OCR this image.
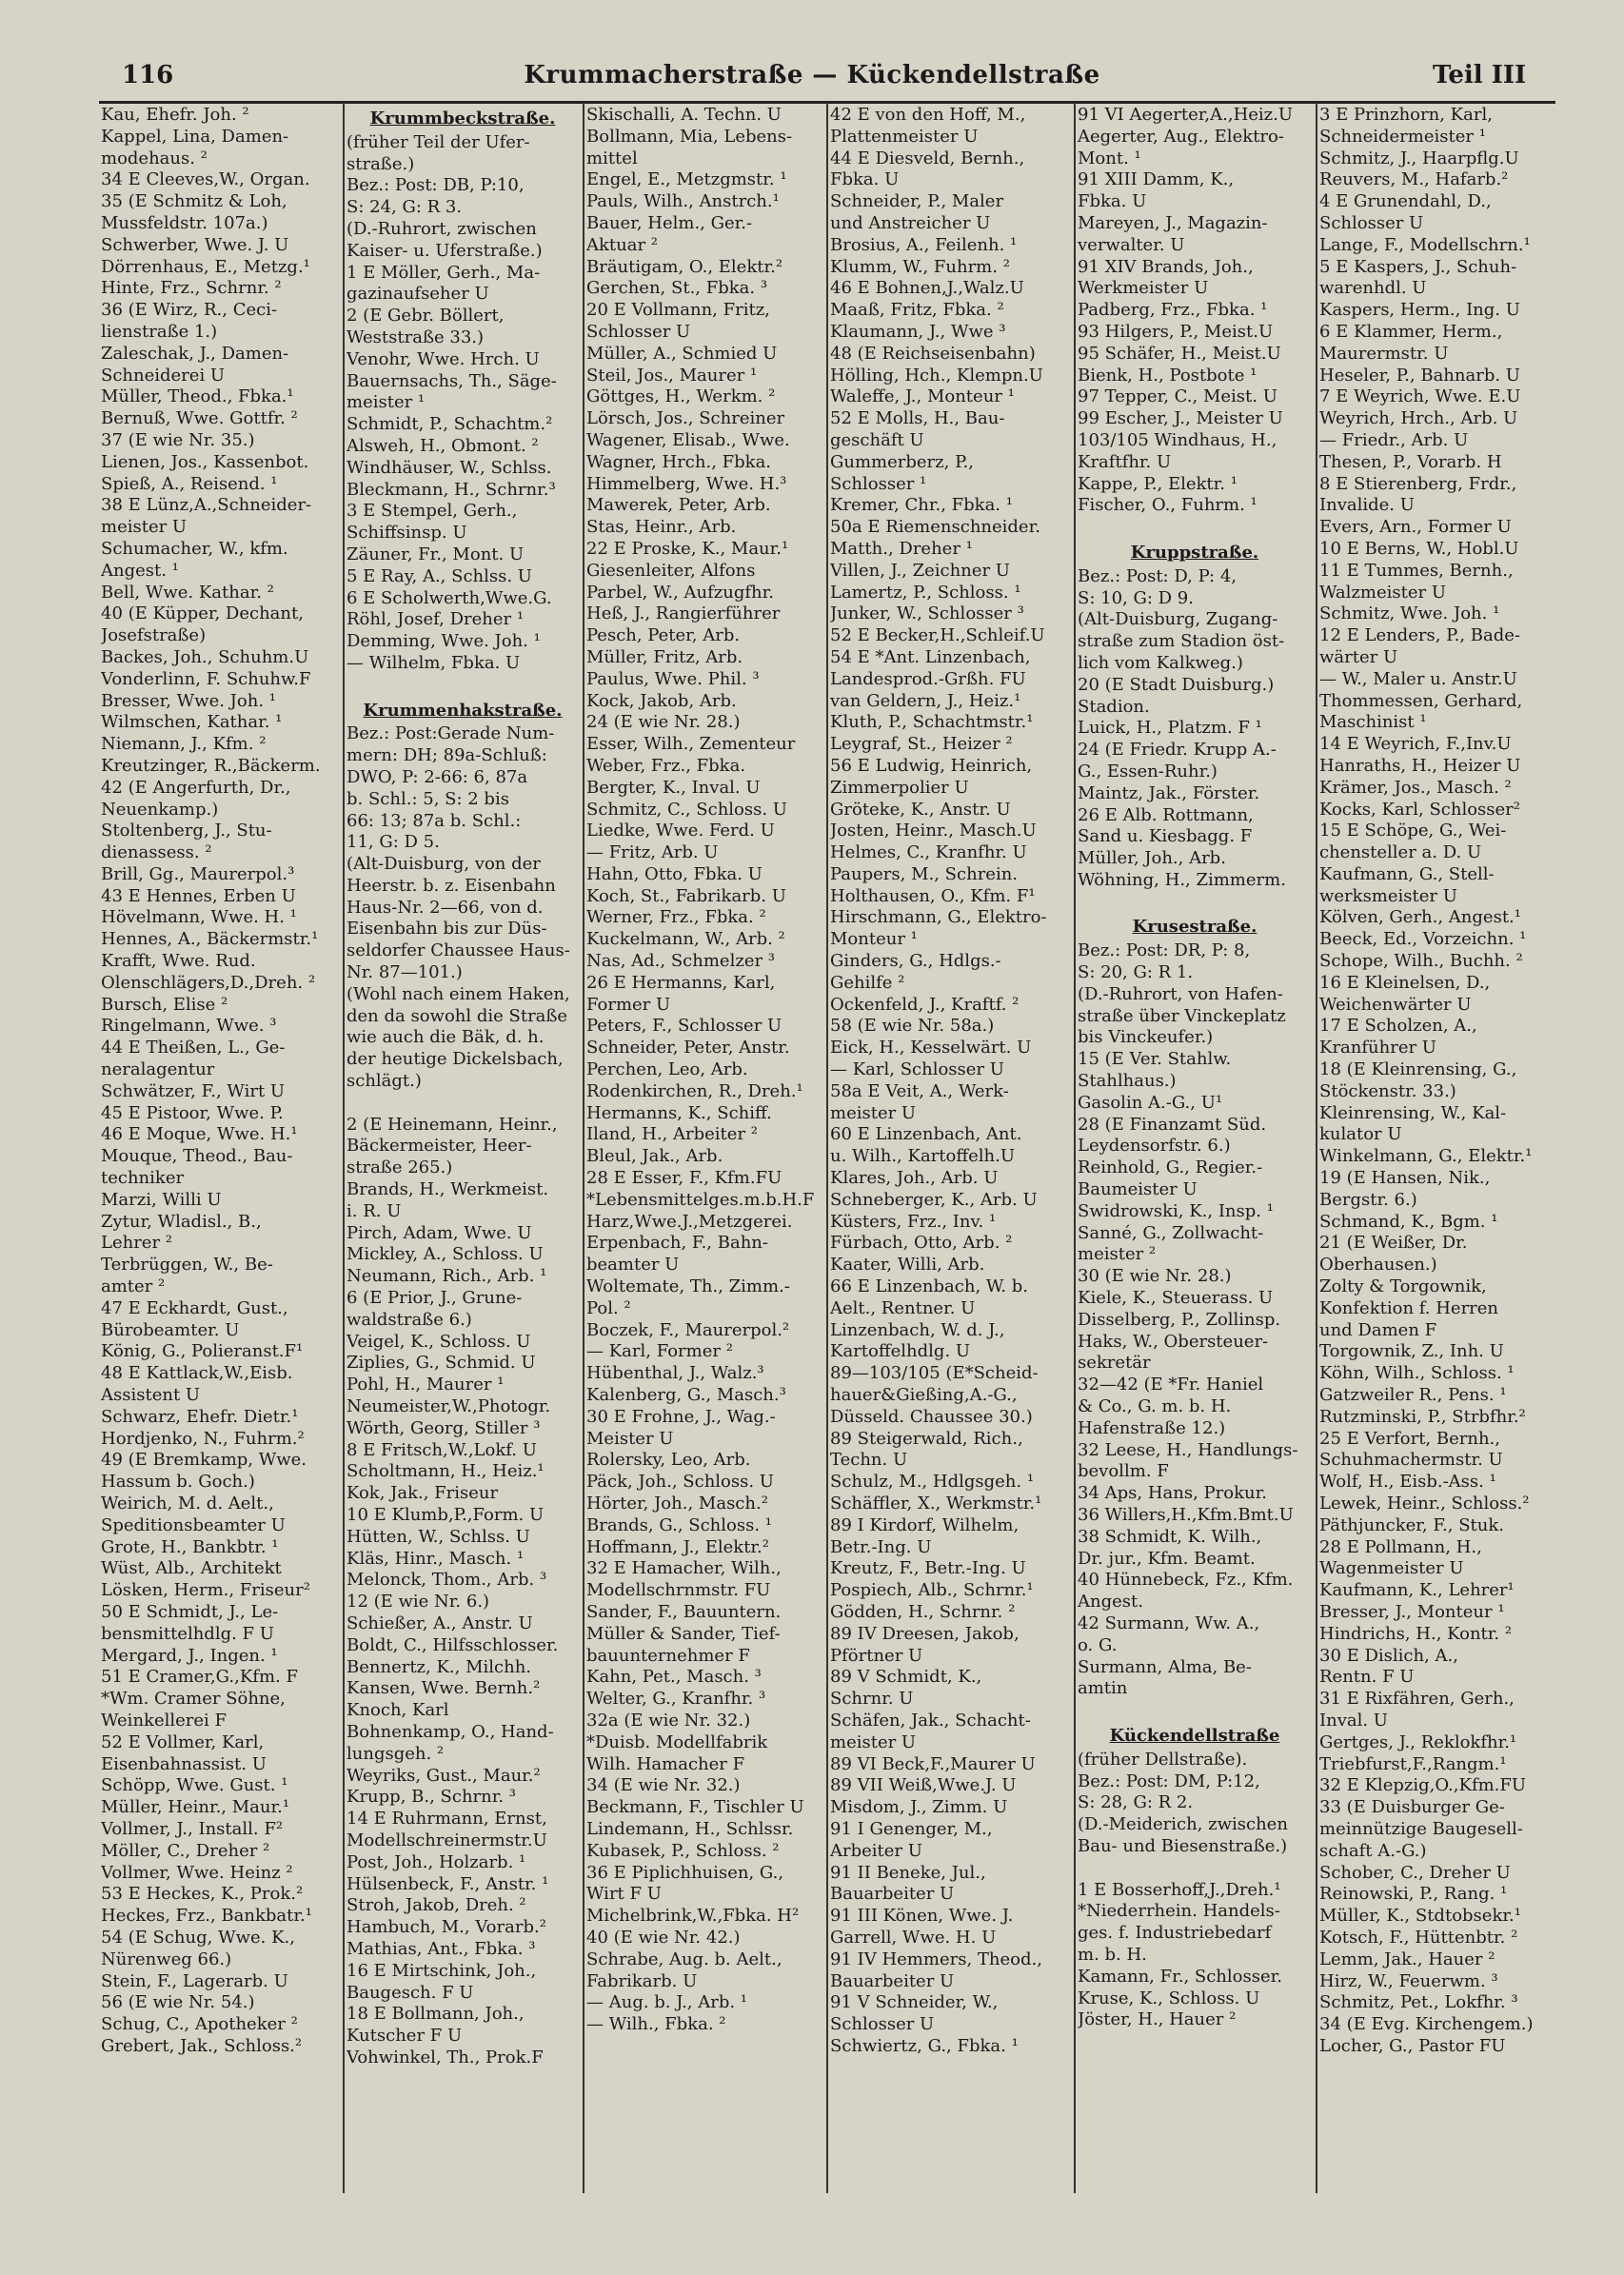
116	Krummacherstraße — Kückendellstraße	Teil III
Kau, Ehefr. Joh. ²
Kappel, Lina, Damen-
modehaus. ²
34 E Cleeves,W., Organ.
35 (E Schmitz & Loh,
Mussfeldstr. 107a.)
Schwerber, Wwe. J. U
Dörrenhaus, E., Metzg.¹
Hinte, Frz., Schrnr. ²
36 (E Wirz, R., Ceci-
lienstraße 1.)
Zaleschak, J., Damen-
Schneiderei U
Müller, Theod., Fbka.¹
Bernuß, Wwe. Gottfr. ²
37 (E wie Nr. 35.)
Lienen, Jos., Kassenbot.
Spieß, A., Reisend. ¹
38 E Lünz,A.,Schneider-
meister U
Schumacher, W., kfm.
Angest. ¹
Bell, Wwe. Kathar. ²
40 (E Küpper, Dechant,
Josefstraße)
Backes, Joh., Schuhm.U
Vonderlinn, F. Schuhw.F
Bresser, Wwe. Joh. ¹
Wilmschen, Kathar. ¹
Niemann, J., Kfm. ²
Kreutzinger, R.,Bäckerm.
42 (E Angerfurth, Dr.,
Neuenkamp.)
Stoltenberg, J., Stu-
dienassess. ²
Brill, Gg., Maurerpol.³
43 E Hennes, Erben U
Hövelmann, Wwe. H. ¹
Hennes, A., Bäckermstr.¹
Krafft, Wwe. Rud.
Olenschlägers,D.,Dreh. ²
Bursch, Elise ²
Ringelmann, Wwe. ³
44 E Theißen, L., Ge-
neralagentur
Schwätzer, F., Wirt U
45 E Pistoor, Wwe. P.
46 E Moque, Wwe. H.¹
Mouque, Theod., Bau-
techniker
Marzi, Willi U
Zytur, Wladisl., B.,
Lehrer ²
Terbrüggen, W., Be-
amter ²
47 E Eckhardt, Gust.,
Bürobeamter. U
König, G., Polieranst.F¹
48 E Kattlack,W.,Eisb.
Assistent U
Schwarz, Ehefr. Dietr.¹
Hordjenko, N., Fuhrm.²
49 (E Bremkamp, Wwe.
Hassum b. Goch.)
Weirich, M. d. Aelt.,
Speditionsbeamter U
Grote, H., Bankbtr. ¹
Wüst, Alb., Architekt
Lösken, Herm., Friseur²
50 E Schmidt, J., Le-
bensmittelhdlg. F U
Mergard, J., Ingen. ¹
51 E Cramer,G.,Kfm. F
*Wm. Cramer Söhne,
Weinkellerei F
52 E Vollmer, Karl,
Eisenbahnassist. U
Schöpp, Wwe. Gust. ¹
Müller, Heinr., Maur.¹
Vollmer, J., Install. F²
Möller, C., Dreher ²
Vollmer, Wwe. Heinz ²
53 E Heckes, K., Prok.²
Heckes, Frz., Bankbatr.¹
54 (E Schug, Wwe. K.,
Nürenweg 66.)
Stein, F., Lagerarb. U
56 (E wie Nr. 54.)
Schug, C., Apotheker ²
Grebert, Jak., Schloss.²
Krummbeckstraße.
(früher Teil der Ufer-
straße.)
Bez.: Post: DB, P:10,
S: 24, G: R 3.
(D.-Ruhrort, zwischen
Kaiser- u. Uferstraße.)
1 E Möller, Gerh., Ma-
gazinaufseher U
2 (E Gebr. Böllert,
Weststraße 33.)
Venohr, Wwe. Hrch. U
Bauernsachs, Th., Säge-
meister ¹
Schmidt, P., Schachtm.²
Alsweh, H., Obmont. ²
Windhäuser, W., Schlss.
Bleckmann, H., Schrnr.³
3 E Stempel, Gerh.,
Schiffsinsp. U
Zäuner, Fr., Mont. U
5 E Ray, A., Schlss. U
6 E Scholwerth,Wwe.G.
Röhl, Josef, Dreher ¹
Demming, Wwe. Joh. ¹
— Wilhelm, Fbka. U

Krummenhakstraße.
Bez.: Post:Gerade Num-
mern: DH; 89a-Schluß:
DWO, P: 2-66: 6, 87a
b. Schl.: 5, S: 2 bis
66: 13; 87a b. Schl.:
11, G: D 5.
(Alt-Duisburg, von der
Heerstr. b. z. Eisenbahn
Haus-Nr. 2—66, von d.
Eisenbahn bis zur Düs-
seldorfer Chaussee Haus-
Nr. 87—101.)
(Wohl nach einem Haken,
den da sowohl die Straße
wie auch die Bäk, d. h.
der heutige Dickelsbach,
schlägt.)

2 (E Heinemann, Heinr.,
Bäckermeister, Heer-
straße 265.)
Brands, H., Werkmeist.
i. R. U
Pirch, Adam, Wwe. U
Mickley, A., Schloss. U
Neumann, Rich., Arb. ¹
6 (E Prior, J., Grune-
waldstraße 6.)
Veigel, K., Schloss. U
Ziplies, G., Schmid. U
Pohl, H., Maurer ¹
Neumeister,W.,Photogr.
Wörth, Georg, Stiller ³
8 E Fritsch,W.,Lokf. U
Scholtmann, H., Heiz.¹
Kok, Jak., Friseur
10 E Klumb,P.,Form. U
Hütten, W., Schlss. U
Kläs, Hinr., Masch. ¹
Melonck, Thom., Arb. ³
12 (E wie Nr. 6.)
Schießer, A., Anstr. U
Boldt, C., Hilfsschlosser.
Bennertz, K., Milchh.
Kansen, Wwe. Bernh.²
Knoch, Karl
Bohnenkamp, O., Hand-
lungsgeh. ²
Weyriks, Gust., Maur.²
Krupp, B., Schrnr. ³
14 E Ruhrmann, Ernst,
Modellschreinermstr.U
Post, Joh., Holzarb. ¹
Hülsenbeck, F., Anstr. ¹
Stroh, Jakob, Dreh. ²
Hambuch, M., Vorarb.²
Mathias, Ant., Fbka. ³
16 E Mirtschink, Joh.,
Baugesch. F U
18 E Bollmann, Joh.,
Kutscher F U
Vohwinkel, Th., Prok.F
Skischalli, A. Techn. U
Bollmann, Mia, Lebens-
mittel
Engel, E., Metzgmstr. ¹
Pauls, Wilh., Anstrch.¹
Bauer, Helm., Ger.-
Aktuar ²
Bräutigam, O., Elektr.²
Gerchen, St., Fbka. ³
20 E Vollmann, Fritz,
Schlosser U
Müller, A., Schmied U
Steil, Jos., Maurer ¹
Göttges, H., Werkm. ²
Lörsch, Jos., Schreiner
Wagener, Elisab., Wwe.
Wagner, Hrch., Fbka.
Himmelberg, Wwe. H.³
Mawerek, Peter, Arb.
Stas, Heinr., Arb.
22 E Proske, K., Maur.¹
Giesenleiter, Alfons
Parbel, W., Aufzugfhr.
Heß, J., Rangierführer
Pesch, Peter, Arb.
Müller, Fritz, Arb.
Paulus, Wwe. Phil. ³
Kock, Jakob, Arb.
24 (E wie Nr. 28.)
Esser, Wilh., Zementeur
Weber, Frz., Fbka.
Bergter, K., Inval. U
Schmitz, C., Schloss. U
Liedke, Wwe. Ferd. U
— Fritz, Arb. U
Hahn, Otto, Fbka. U
Koch, St., Fabrikarb. U
Werner, Frz., Fbka. ²
Kuckelmann, W., Arb. ²
Nas, Ad., Schmelzer ³
26 E Hermanns, Karl,
Former U
Peters, F., Schlosser U
Schneider, Peter, Anstr.
Perchen, Leo, Arb.
Rodenkirchen, R., Dreh.¹
Hermanns, K., Schiff.
Iland, H., Arbeiter ²
Bleul, Jak., Arb.
28 E Esser, F., Kfm.FU
*Lebensmittelges.m.b.H.F
Harz,Wwe.J.,Metzgerei.
Erpenbach, F., Bahn-
beamter U
Woltemate, Th., Zimm.-
Pol. ²
Boczek, F., Maurerpol.²
— Karl, Former ²
Hübenthal, J., Walz.³
Kalenberg, G., Masch.³
30 E Frohne, J., Wag.-
Meister U
Rolersky, Leo, Arb.
Päck, Joh., Schloss. U
Hörter, Joh., Masch.²
Brands, G., Schloss. ¹
Hoffmann, J., Elektr.²
32 E Hamacher, Wilh.,
Modellschrnmstr. FU
Sander, F., Bauuntern.
Müller & Sander, Tief-
bauunternehmer F
Kahn, Pet., Masch. ³
Welter, G., Kranfhr. ³
32a (E wie Nr. 32.)
*Duisb. Modellfabrik
Wilh. Hamacher F
34 (E wie Nr. 32.)
Beckmann, F., Tischler U
Lindemann, H., Schlssr.
Kubasek, P., Schloss. ²
36 E Piplichhuisen, G.,
Wirt F U
Michelbrink,W.,Fbka. H²
40 (E wie Nr. 42.)
Schrabe, Aug. b. Aelt.,
Fabrikarb. U
— Aug. b. J., Arb. ¹
— Wilh., Fbka. ²
42 E von den Hoff, M.,
Plattenmeister U
44 E Diesveld, Bernh.,
Fbka. U
Schneider, P., Maler
und Anstreicher U
Brosius, A., Feilenh. ¹
Klumm, W., Fuhrm. ²
46 E Bohnen,J.,Walz.U
Maaß, Fritz, Fbka. ²
Klaumann, J., Wwe ³
48 (E Reichseisenbahn)
Hölling, Hch., Klempn.U
Waleffe, J., Monteur ¹
52 E Molls, H., Bau-
geschäft U
Gummerberz, P.,
Schlosser ¹
Kremer, Chr., Fbka. ¹
50a E Riemenschneider.
Matth., Dreher ¹
Villen, J., Zeichner U
Lamertz, P., Schloss. ¹
Junker, W., Schlosser ³
52 E Becker,H.,Schleif.U
54 E *Ant. Linzenbach,
Landesprod.-Grßh. FU
van Geldern, J., Heiz.¹
Kluth, P., Schachtmstr.¹
Leygraf, St., Heizer ²
56 E Ludwig, Heinrich,
Zimmerpolier U
Gröteke, K., Anstr. U
Josten, Heinr., Masch.U
Helmes, C., Kranfhr. U
Paupers, M., Schrein.
Holthausen, O., Kfm. F¹
Hirschmann, G., Elektro-
Monteur ¹
Ginders, G., Hdlgs.-
Gehilfe ²
Ockenfeld, J., Kraftf. ²
58 (E wie Nr. 58a.)
Eick, H., Kesselwärt. U
— Karl, Schlosser U
58a E Veit, A., Werk-
meister U
60 E Linzenbach, Ant.
u. Wilh., Kartoffelh.U
Klares, Joh., Arb. U
Schneberger, K., Arb. U
Küsters, Frz., Inv. ¹
Fürbach, Otto, Arb. ²
Kaater, Willi, Arb.
66 E Linzenbach, W. b.
Aelt., Rentner. U
Linzenbach, W. d. J.,
Kartoffelhdlg. U
89—103/105 (E*Scheid-
hauer&Gießing,A.-G.,
Düsseld. Chaussee 30.)
89 Steigerwald, Rich.,
Techn. U
Schulz, M., Hdlgsgeh. ¹
Schäffler, X., Werkmstr.¹
89 I Kirdorf, Wilhelm,
Betr.-Ing. U
Kreutz, F., Betr.-Ing. U
Pospiech, Alb., Schrnr.¹
Gödden, H., Schrnr. ²
89 IV Dreesen, Jakob,
Pförtner U
89 V Schmidt, K.,
Schrnr. U
Schäfen, Jak., Schacht-
meister U
89 VI Beck,F.,Maurer U
89 VII Weiß,Wwe.J. U
Misdom, J., Zimm. U
91 I Genenger, M.,
Arbeiter U
91 II Beneke, Jul.,
Bauarbeiter U
91 III Könen, Wwe. J.
Garrell, Wwe. H. U
91 IV Hemmers, Theod.,
Bauarbeiter U
91 V Schneider, W.,
Schlosser U
Schwiertz, G., Fbka. ¹
91 VI Aegerter,A.,Heiz.U
Aegerter, Aug., Elektro-
Mont. ¹
91 XIII Damm, K.,
Fbka. U
Mareyen, J., Magazin-
verwalter. U
91 XIV Brands, Joh.,
Werkmeister U
Padberg, Frz., Fbka. ¹
93 Hilgers, P., Meist.U
95 Schäfer, H., Meist.U
Bienk, H., Postbote ¹
97 Tepper, C., Meist. U
99 Escher, J., Meister U
103/105 Windhaus, H.,
Kraftfhr. U
Kappe, P., Elektr. ¹
Fischer, O., Fuhrm. ¹

Kruppstraße.
Bez.: Post: D, P: 4,
S: 10, G: D 9.
(Alt-Duisburg, Zugang-
straße zum Stadion öst-
lich vom Kalkweg.)
20 (E Stadt Duisburg.)
Stadion.
Luick, H., Platzm. F ¹
24 (E Friedr. Krupp A.-
G., Essen-Ruhr.)
Maintz, Jak., Förster.
26 E Alb. Rottmann,
Sand u. Kiesbagg. F
Müller, Joh., Arb.
Wöhning, H., Zimmerm.

Krusestraße.
Bez.: Post: DR, P: 8,
S: 20, G: R 1.
(D.-Ruhrort, von Hafen-
straße über Vinckeplatz
bis Vinckeufer.)
15 (E Ver. Stahlw.
Stahlhaus.)
Gasolin A.-G., U¹
28 (E Finanzamt Süd.
Leydensorfstr. 6.)
Reinhold, G., Regier.-
Baumeister U
Swidrowski, K., Insp. ¹
Sanné, G., Zollwacht-
meister ²
30 (E wie Nr. 28.)
Kiele, K., Steuerass. U
Disselberg, P., Zollinsp.
Haks, W., Obersteuer-
sekretär
32—42 (E *Fr. Haniel
& Co., G. m. b. H.
Hafenstraße 12.)
32 Leese, H., Handlungs-
bevollm. F
34 Aps, Hans, Prokur.
36 Willers,H.,Kfm.Bmt.U
38 Schmidt, K. Wilh.,
Dr. jur., Kfm. Beamt.
40 Hünnebeck, Fz., Kfm.
Angest.
42 Surmann, Ww. A.,
o. G.
Surmann, Alma, Be-
amtin

Kückendellstraße
(früher Dellstraße).
Bez.: Post: DM, P:12,
S: 28, G: R 2.
(D.-Meiderich, zwischen
Bau- und Biesenstraße.)

1 E Bosserhoff,J.,Dreh.¹
*Niederrhein. Handels-
ges. f. Industriebedarf
m. b. H.
Kamann, Fr., Schlosser.
Kruse, K., Schloss. U
Jöster, H., Hauer ²
3 E Prinzhorn, Karl,
Schneidermeister ¹
Schmitz, J., Haarpflg.U
Reuvers, M., Hafarb.²
4 E Grunendahl, D.,
Schlosser U
Lange, F., Modellschrn.¹
5 E Kaspers, J., Schuh-
warenhdl. U
Kaspers, Herm., Ing. U
6 E Klammer, Herm.,
Maurermstr. U
Heseler, P., Bahnarb. U
7 E Weyrich, Wwe. E.U
Weyrich, Hrch., Arb. U
— Friedr., Arb. U
Thesen, P., Vorarb. H
8 E Stierenberg, Frdr.,
Invalide. U
Evers, Arn., Former U
10 E Berns, W., Hobl.U
11 E Tummes, Bernh.,
Walzmeister U
Schmitz, Wwe. Joh. ¹
12 E Lenders, P., Bade-
wärter U
— W., Maler u. Anstr.U
Thommessen, Gerhard,
Maschinist ¹
14 E Weyrich, F.,Inv.U
Hanraths, H., Heizer U
Krämer, Jos., Masch. ²
Kocks, Karl, Schlosser²
15 E Schöpe, G., Wei-
chensteller a. D. U
Kaufmann, G., Stell-
werksmeister U
Kölven, Gerh., Angest.¹
Beeck, Ed., Vorzeichn. ¹
Schope, Wilh., Buchh. ²
16 E Kleinelsen, D.,
Weichenwärter U
17 E Scholzen, A.,
Kranführer U
18 (E Kleinrensing, G.,
Stöckenstr. 33.)
Kleinrensing, W., Kal-
kulator U
Winkelmann, G., Elektr.¹
19 (E Hansen, Nik.,
Bergstr. 6.)
Schmand, K., Bgm. ¹
21 (E Weißer, Dr.
Oberhausen.)
Zolty & Torgownik,
Konfektion f. Herren
und Damen F
Torgownik, Z., Inh. U
Köhn, Wilh., Schloss. ¹
Gatzweiler R., Pens. ¹
Rutzminski, P., Strbfhr.²
25 E Verfort, Bernh.,
Schuhmachermstr. U
Wolf, H., Eisb.-Ass. ¹
Lewek, Heinr., Schloss.²
Päthjuncker, F., Stuk.
28 E Pollmann, H.,
Wagenmeister U
Kaufmann, K., Lehrer¹
Bresser, J., Monteur ¹
Hindrichs, H., Kontr. ²
30 E Dislich, A.,
Rentn. F U
31 E Rixfähren, Gerh.,
Inval. U
Gertges, J., Reklokfhr.¹
Triebfurst,F.,Rangm.¹
32 E Klepzig,O.,Kfm.FU
33 (E Duisburger Ge-
meinnützige Baugesell-
schaft A.-G.)
Schober, C., Dreher U
Reinowski, P., Rang. ¹
Müller, K., Stdtobsekr.¹
Kotsch, F., Hüttenbtr. ²
Lemm, Jak., Hauer ²
Hirz, W., Feuerwm. ³
Schmitz, Pet., Lokfhr. ³
34 (E Evg. Kirchengem.)
Locher, G., Pastor FU
